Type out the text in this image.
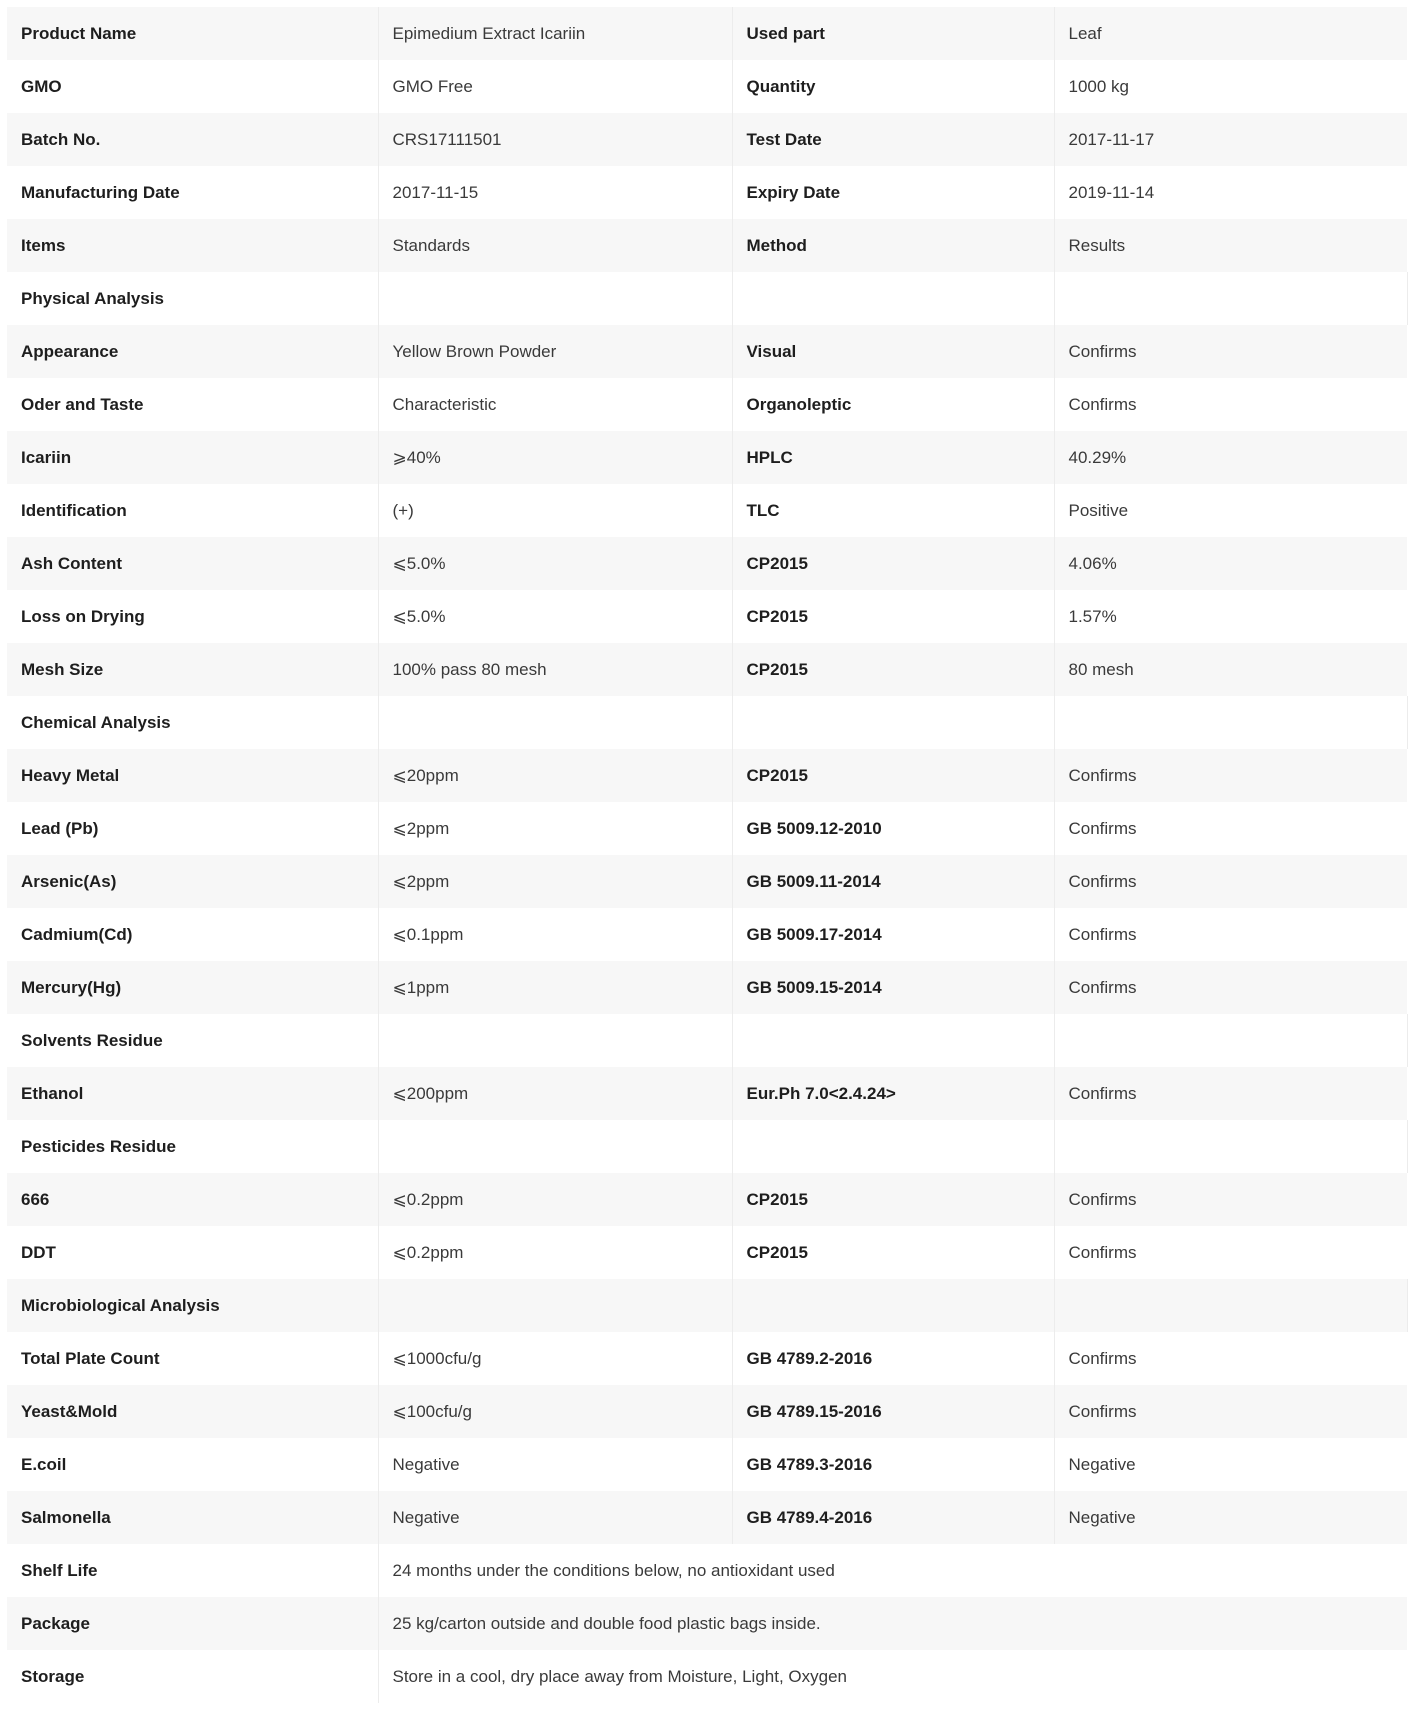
Product Name	Epimedium Extract Icariin	Used part	Leaf
GMO	GMO Free	Quantity	1000 kg
Batch No.	CRS17111501	Test Date	2017-11-17
Manufacturing Date	2017-11-15	Expiry Date	2019-11-14
Items	Standards	Method	Results
Physical Analysis			
Appearance	Yellow Brown Powder	Visual	Confirms
Oder and Taste	Characteristic	Organoleptic	Confirms
Icariin	⩾40%	HPLC	40.29%
Identification	(+)	TLC	Positive
Ash Content	⩽5.0%	CP2015	4.06%
Loss on Drying	⩽5.0%	CP2015	1.57%
Mesh Size	100% pass 80 mesh	CP2015	80 mesh
Chemical Analysis			
Heavy Metal	⩽20ppm	CP2015	Confirms
Lead (Pb)	⩽2ppm	GB 5009.12-2010	Confirms
Arsenic(As)	⩽2ppm	GB 5009.11-2014	Confirms
Cadmium(Cd)	⩽0.1ppm	GB 5009.17-2014	Confirms
Mercury(Hg)	⩽1ppm	GB 5009.15-2014	Confirms
Solvents Residue			
Ethanol	⩽200ppm	Eur.Ph 7.0<2.4.24>	Confirms
Pesticides Residue			
666	⩽0.2ppm	CP2015	Confirms
DDT	⩽0.2ppm	CP2015	Confirms
Microbiological Analysis			
Total Plate Count	⩽1000cfu/g	GB 4789.2-2016	Confirms
Yeast&Mold	⩽100cfu/g	GB 4789.15-2016	Confirms
E.coil	Negative	GB 4789.3-2016	Negative
Salmonella	Negative	GB 4789.4-2016	Negative
Shelf Life	24 months under the conditions below, no antioxidant used		
Package	25 kg/carton outside and double food plastic bags inside.		
Storage	Store in a cool, dry place away from Moisture, Light, Oxygen		
